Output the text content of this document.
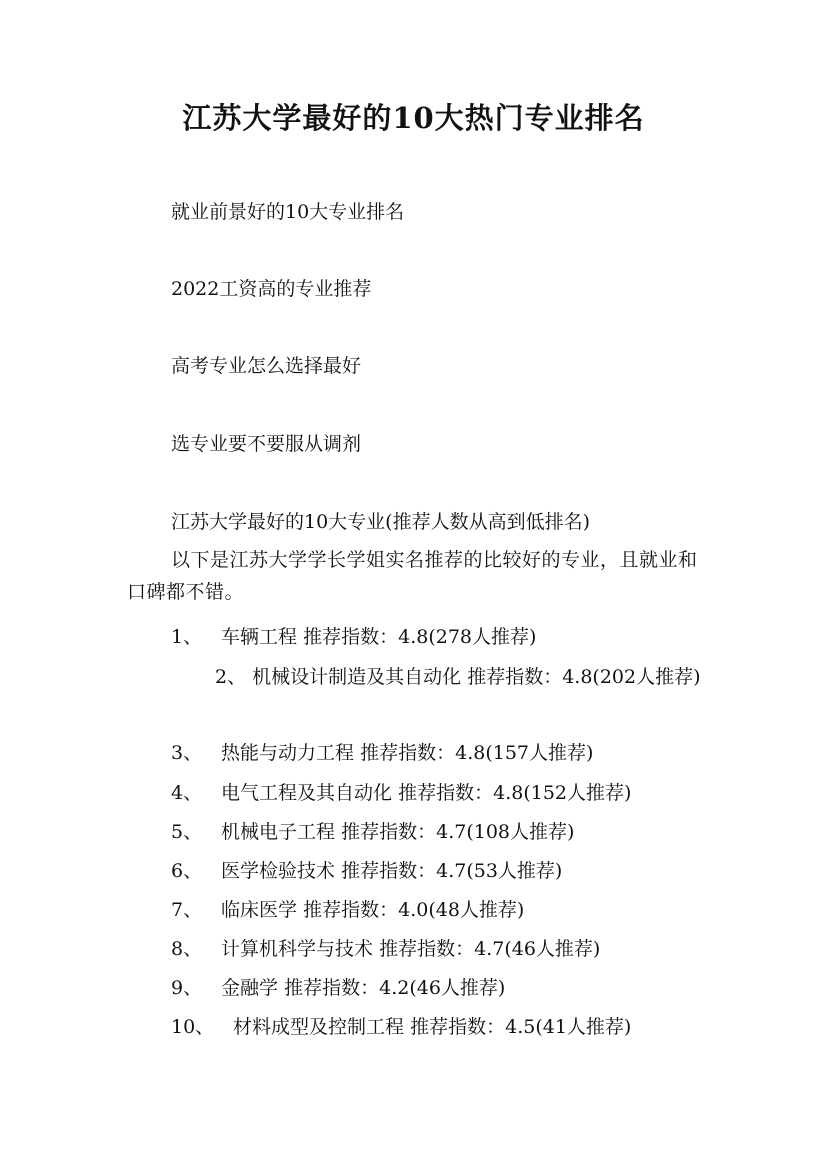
江苏大学最好的10大热门专业排名

就业前景好的10大专业排名

2022工资高的专业推荐

高考专业怎么选择最好

选专业要不要服从调剂

江苏大学最好的10大专业(推荐人数从高到低排名)

以下是江苏大学学长学姐实名推荐的比较好的专业，且就业和口碑都不错。

1、 车辆工程 推荐指数：4.8(278人推荐)

2、 机械设计制造及其自动化 推荐指数：4.8(202人推荐)

3、 热能与动力工程 推荐指数：4.8(157人推荐)

4、 电气工程及其自动化 推荐指数：4.8(152人推荐)

5、 机械电子工程 推荐指数：4.7(108人推荐)

6、 医学检验技术 推荐指数：4.7(53人推荐)

7、 临床医学 推荐指数：4.0(48人推荐)

8、 计算机科学与技术 推荐指数：4.7(46人推荐)

9、 金融学 推荐指数：4.2(46人推荐)

10、 材料成型及控制工程 推荐指数：4.5(41人推荐)
